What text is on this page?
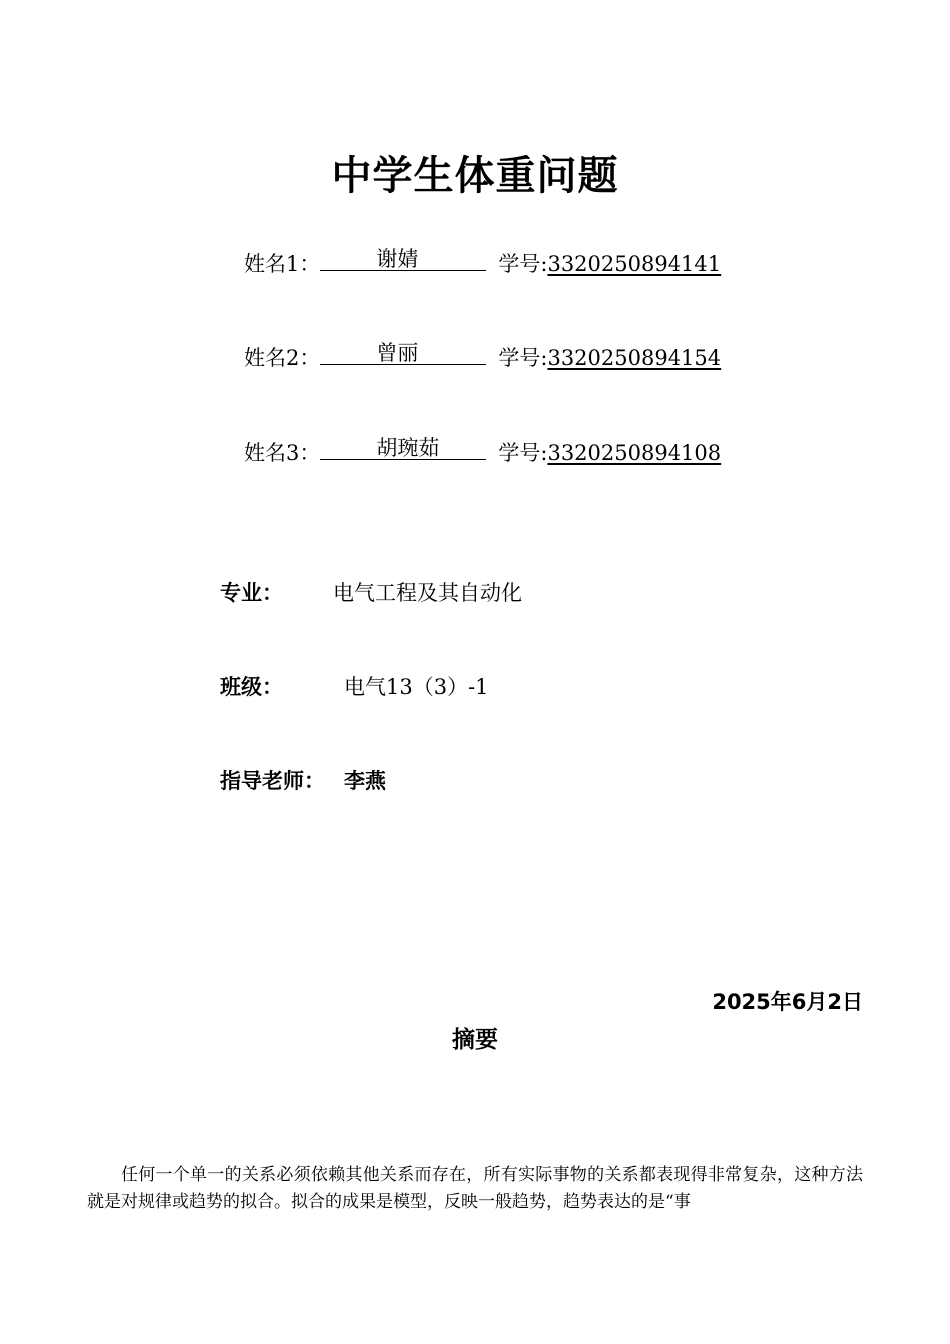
中学生体重问题
姓名1：	谢婧	学号:3320250894141
姓名2：	曾丽	学号:3320250894154
姓名3：	胡琬茹	学号:3320250894108
专业： 电气工程及其自动化
班级：	电气13（3）-1
指导老师： 李燕
2025年6月2日
摘要
任何一个单一的关系必须依赖其他关系而存在，所有实际事物的关系都表现得非常复杂，这种方法就是对规律或趋势的拟合。拟合的成果是模型，反映一般趋势，趋势表达的是“事
